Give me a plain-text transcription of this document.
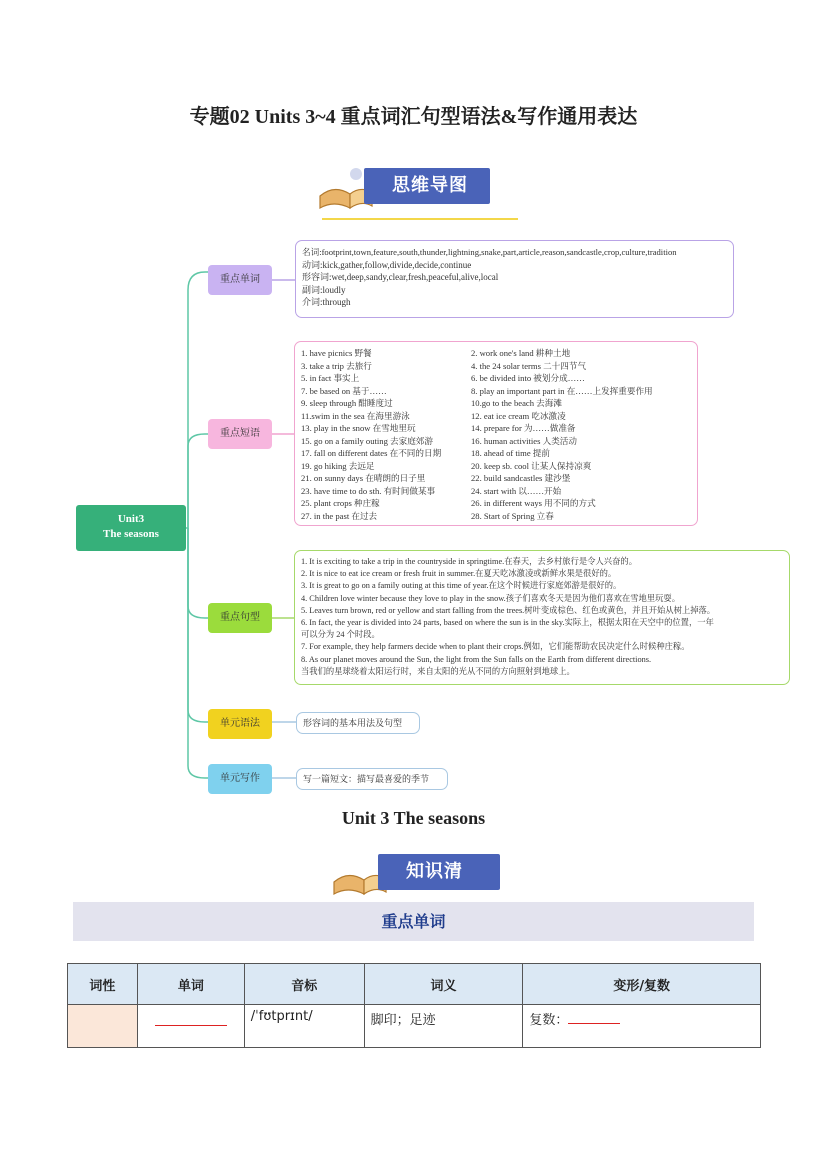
专题02 Units 3~4 重点词汇句型语法&写作通用表达
思维导图
Unit3
The seasons
重点单词
重点短语
重点句型
单元语法
单元写作
名词:footprint,town,feature,south,thunder,lightning,snake,part,article,reason,sandcastle,crop,culture,tradition
动词:kick,gather,follow,divide,decide,continue
形容词:wet,deep,sandy,clear,fresh,peaceful,alive,local
副词:loudly
介词:through
1. have picnics 野餐	2. work one's land 耕种土地
3. take a trip 去旅行	4. the 24 solar terms 二十四节气
5. in fact 事实上	6. be divided into 被划分成……
7. be based on 基于……	8. play an important part in 在……上发挥重要作用
9. sleep through 酣睡度过	10.go to the beach 去海滩
11.swim in the sea 在海里游泳	12. eat ice cream 吃冰激凌
13. play in the snow 在雪地里玩	14. prepare for 为……做准备
15. go on a family outing 去家庭郊游	16. human activities 人类活动
17. fall on different dates 在不同的日期	18. ahead of time 提前
19. go hiking 去远足	20. keep sb. cool 让某人保持凉爽
21. on sunny days 在晴朗的日子里	22. build sandcastles 建沙堡
23. have time to do sth. 有时间做某事	24. start with 以……开始
25. plant crops 种庄稼	26. in different ways 用不同的方式
27. in the past 在过去	28. Start of Spring 立春
1. It is exciting to take a trip in the countryside in springtime.在春天，去乡村旅行是令人兴奋的。
2. It is nice to eat ice cream or fresh fruit in summer.在夏天吃冰激凌或新鲜水果是很好的。
3. It is great to go on a family outing at this time of year.在这个时候进行家庭郊游是很好的。
4. Children love winter because they love to play in the snow.孩子们喜欢冬天是因为他们喜欢在雪地里玩耍。
5. Leaves turn brown, red or yellow and start falling from the trees.树叶变成棕色、红色或黄色，并且开始从树上掉落。
6. In fact, the year is divided into 24 parts, based on where the sun is in the sky.实际上，根据太阳在天空中的位置，一年
可以分为 24 个时段。
7. For example, they help farmers decide when to plant their crops.例如，它们能帮助农民决定什么时候种庄稼。
8. As our planet moves around the Sun, the light from the Sun falls on the Earth from different directions.
当我们的星球绕着太阳运行时，来自太阳的光从不同的方向照射到地球上。
形容词的基本用法及句型
写一篇短文：描写最喜爱的季节
Unit 3 The seasons
知识清
重点单词
词性	单词	音标	词义	变形/复数
		/ˈfʊtprɪnt/	脚印；足迹	复数：
